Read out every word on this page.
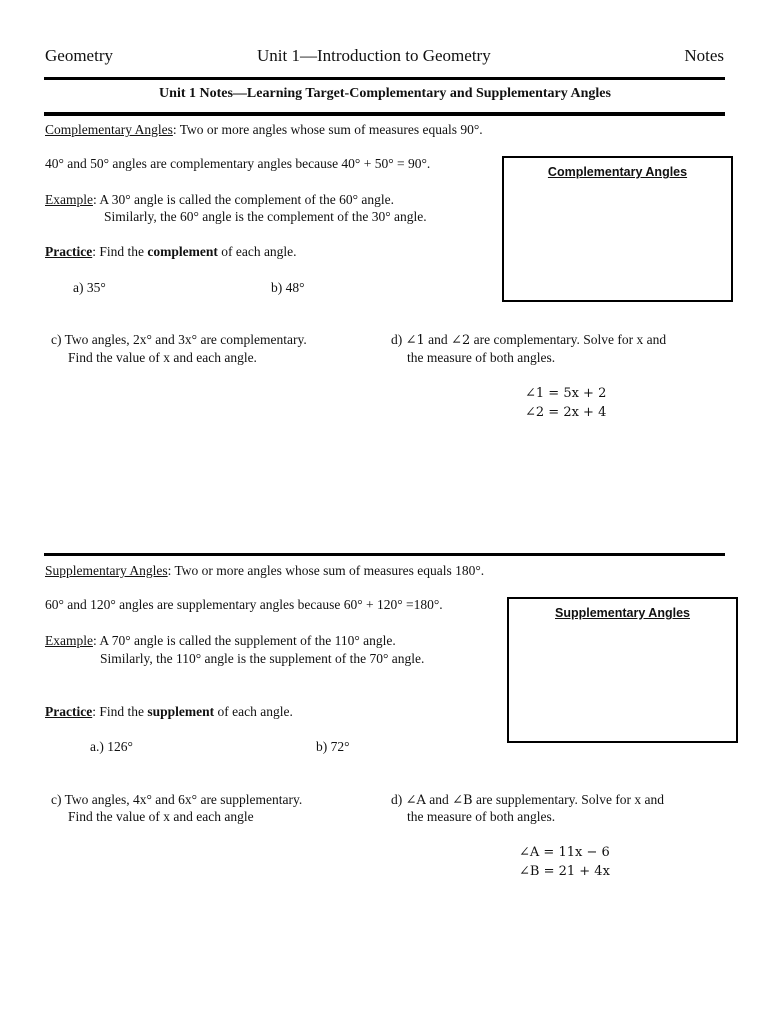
Geometry	Unit 1—Introduction to Geometry	Notes
Unit 1 Notes—Learning Target-Complementary and Supplementary Angles
Complementary Angles: Two or more angles whose sum of measures equals 90°.
40° and 50° angles are complementary angles because 40° + 50° = 90°.
Example: A 30° angle is called the complement of the 60° angle.
Similarly, the 60° angle is the complement of the 30° angle.
Practice: Find the complement of each angle.
a) 35°	b) 48°
Complementary Angles
c) Two angles, 2x° and 3x° are complementary.
Find the value of x and each angle.
d) ∠1 and ∠2 are complementary. Solve for x and
the measure of both angles.
∠1 = 5x + 2
∠2 = 2x + 4
Supplementary Angles: Two or more angles whose sum of measures equals 180°.
60° and 120° angles are supplementary angles because 60° + 120° =180°.
Example: A 70° angle is called the supplement of the 110° angle.
Similarly, the 110° angle is the supplement of the 70° angle.
Practice: Find the supplement of each angle.
a.) 126°	b) 72°
Supplementary Angles
c) Two angles, 4x° and 6x° are supplementary.
Find the value of x and each angle
d) ∠A and ∠B are supplementary. Solve for x and
the measure of both angles.
∠A = 11x − 6
∠B = 21 + 4x
